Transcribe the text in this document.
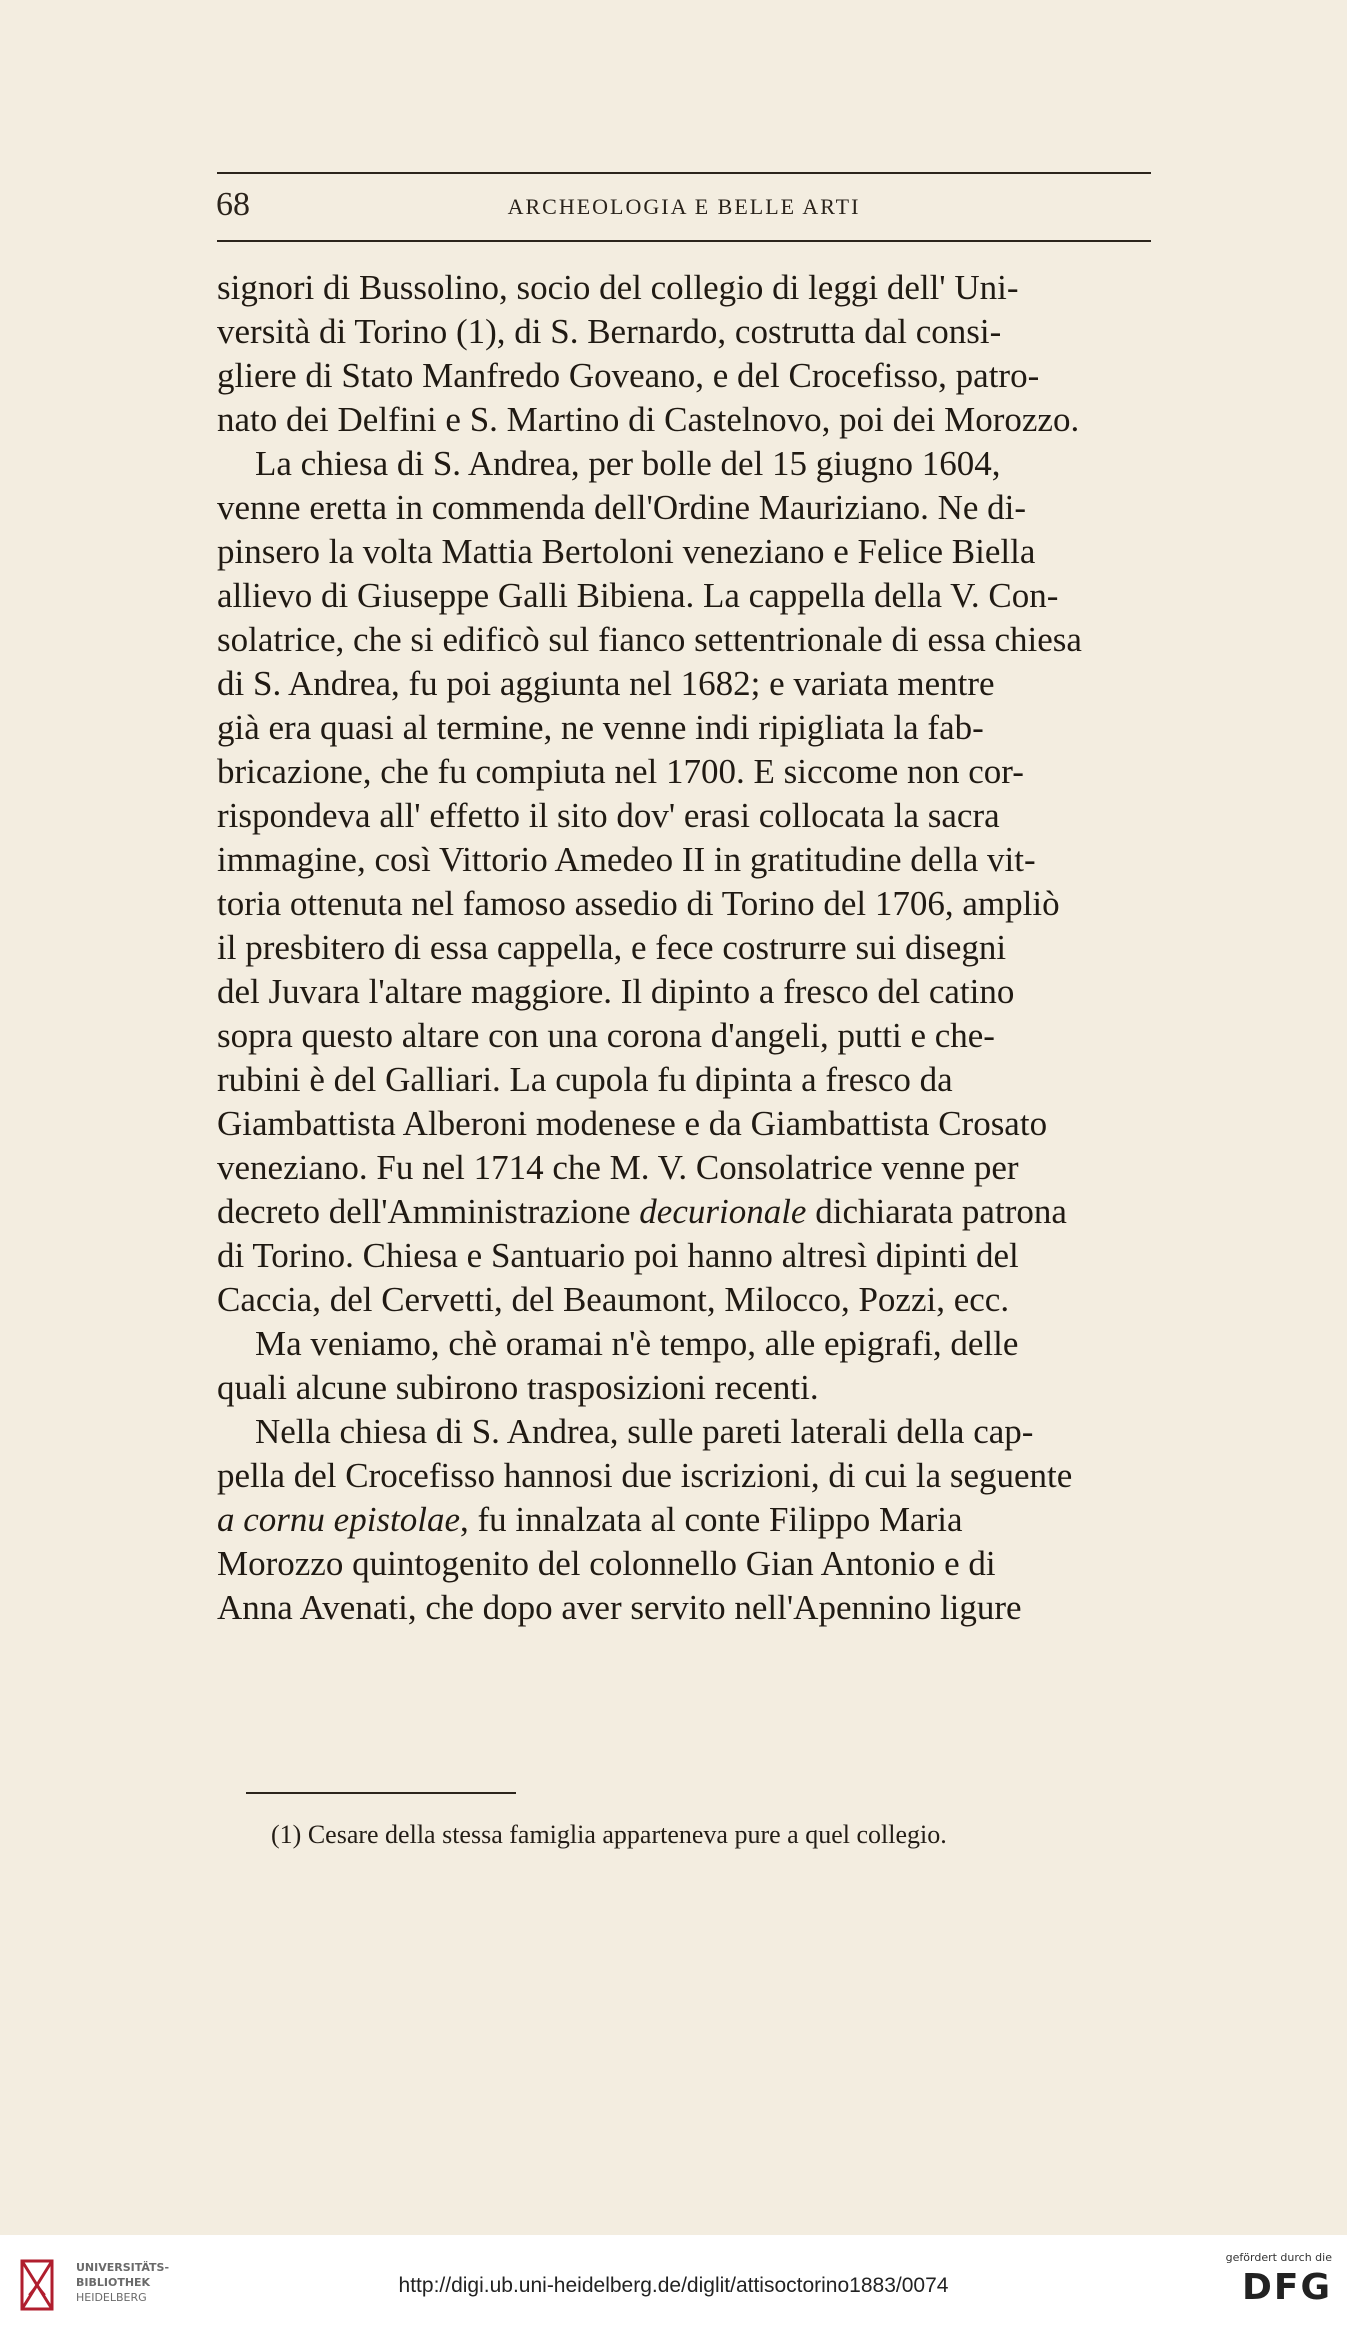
68	ARCHEOLOGIA E BELLE ARTI

signori di Bussolino, socio del collegio di leggi dell' Uni-
versità di Torino (1), di S. Bernardo, costrutta dal consi-
gliere di Stato Manfredo Goveano, e del Crocefisso, patro-
nato dei Delfini e S. Martino di Castelnovo, poi dei Morozzo.

La chiesa di S. Andrea, per bolle del 15 giugno 1604,
venne eretta in commenda dell'Ordine Mauriziano. Ne di-
pinsero la volta Mattia Bertoloni veneziano e Felice Biella
allievo di Giuseppe Galli Bibiena. La cappella della V. Con-
solatrice, che si edificò sul fianco settentrionale di essa chiesa
di S. Andrea, fu poi aggiunta nel 1682; e variata mentre
già era quasi al termine, ne venne indi ripigliata la fab-
bricazione, che fu compiuta nel 1700. E siccome non cor-
rispondeva all' effetto il sito dov' erasi collocata la sacra
immagine, così Vittorio Amedeo II in gratitudine della vit-
toria ottenuta nel famoso assedio di Torino del 1706, ampliò
il presbitero di essa cappella, e fece costrurre sui disegni
del Juvara l'altare maggiore. Il dipinto a fresco del catino
sopra questo altare con una corona d'angeli, putti e che-
rubini è del Galliari. La cupola fu dipinta a fresco da
Giambattista Alberoni modenese e da Giambattista Crosato
veneziano. Fu nel 1714 che M. V. Consolatrice venne per
decreto dell'Amministrazione decurionale dichiarata patrona
di Torino. Chiesa e Santuario poi hanno altresì dipinti del
Caccia, del Cervetti, del Beaumont, Milocco, Pozzi, ecc.

Ma veniamo, chè oramai n'è tempo, alle epigrafi, delle
quali alcune subirono trasposizioni recenti.

Nella chiesa di S. Andrea, sulle pareti laterali della cap-
pella del Crocefisso hannosi due iscrizioni, di cui la seguente
a cornu epistolae, fu innalzata al conte Filippo Maria
Morozzo quintogenito del colonnello Gian Antonio e di
Anna Avenati, che dopo aver servito nell'Apennino ligure

(1) Cesare della stessa famiglia apparteneva pure a quel collegio.
UNIVERSITÄTS-
BIBLIOTHEK
HEIDELBERG
http://digi.ub.uni-heidelberg.de/diglit/attisoctorino1883/0074
gefördert durch die
DFG
